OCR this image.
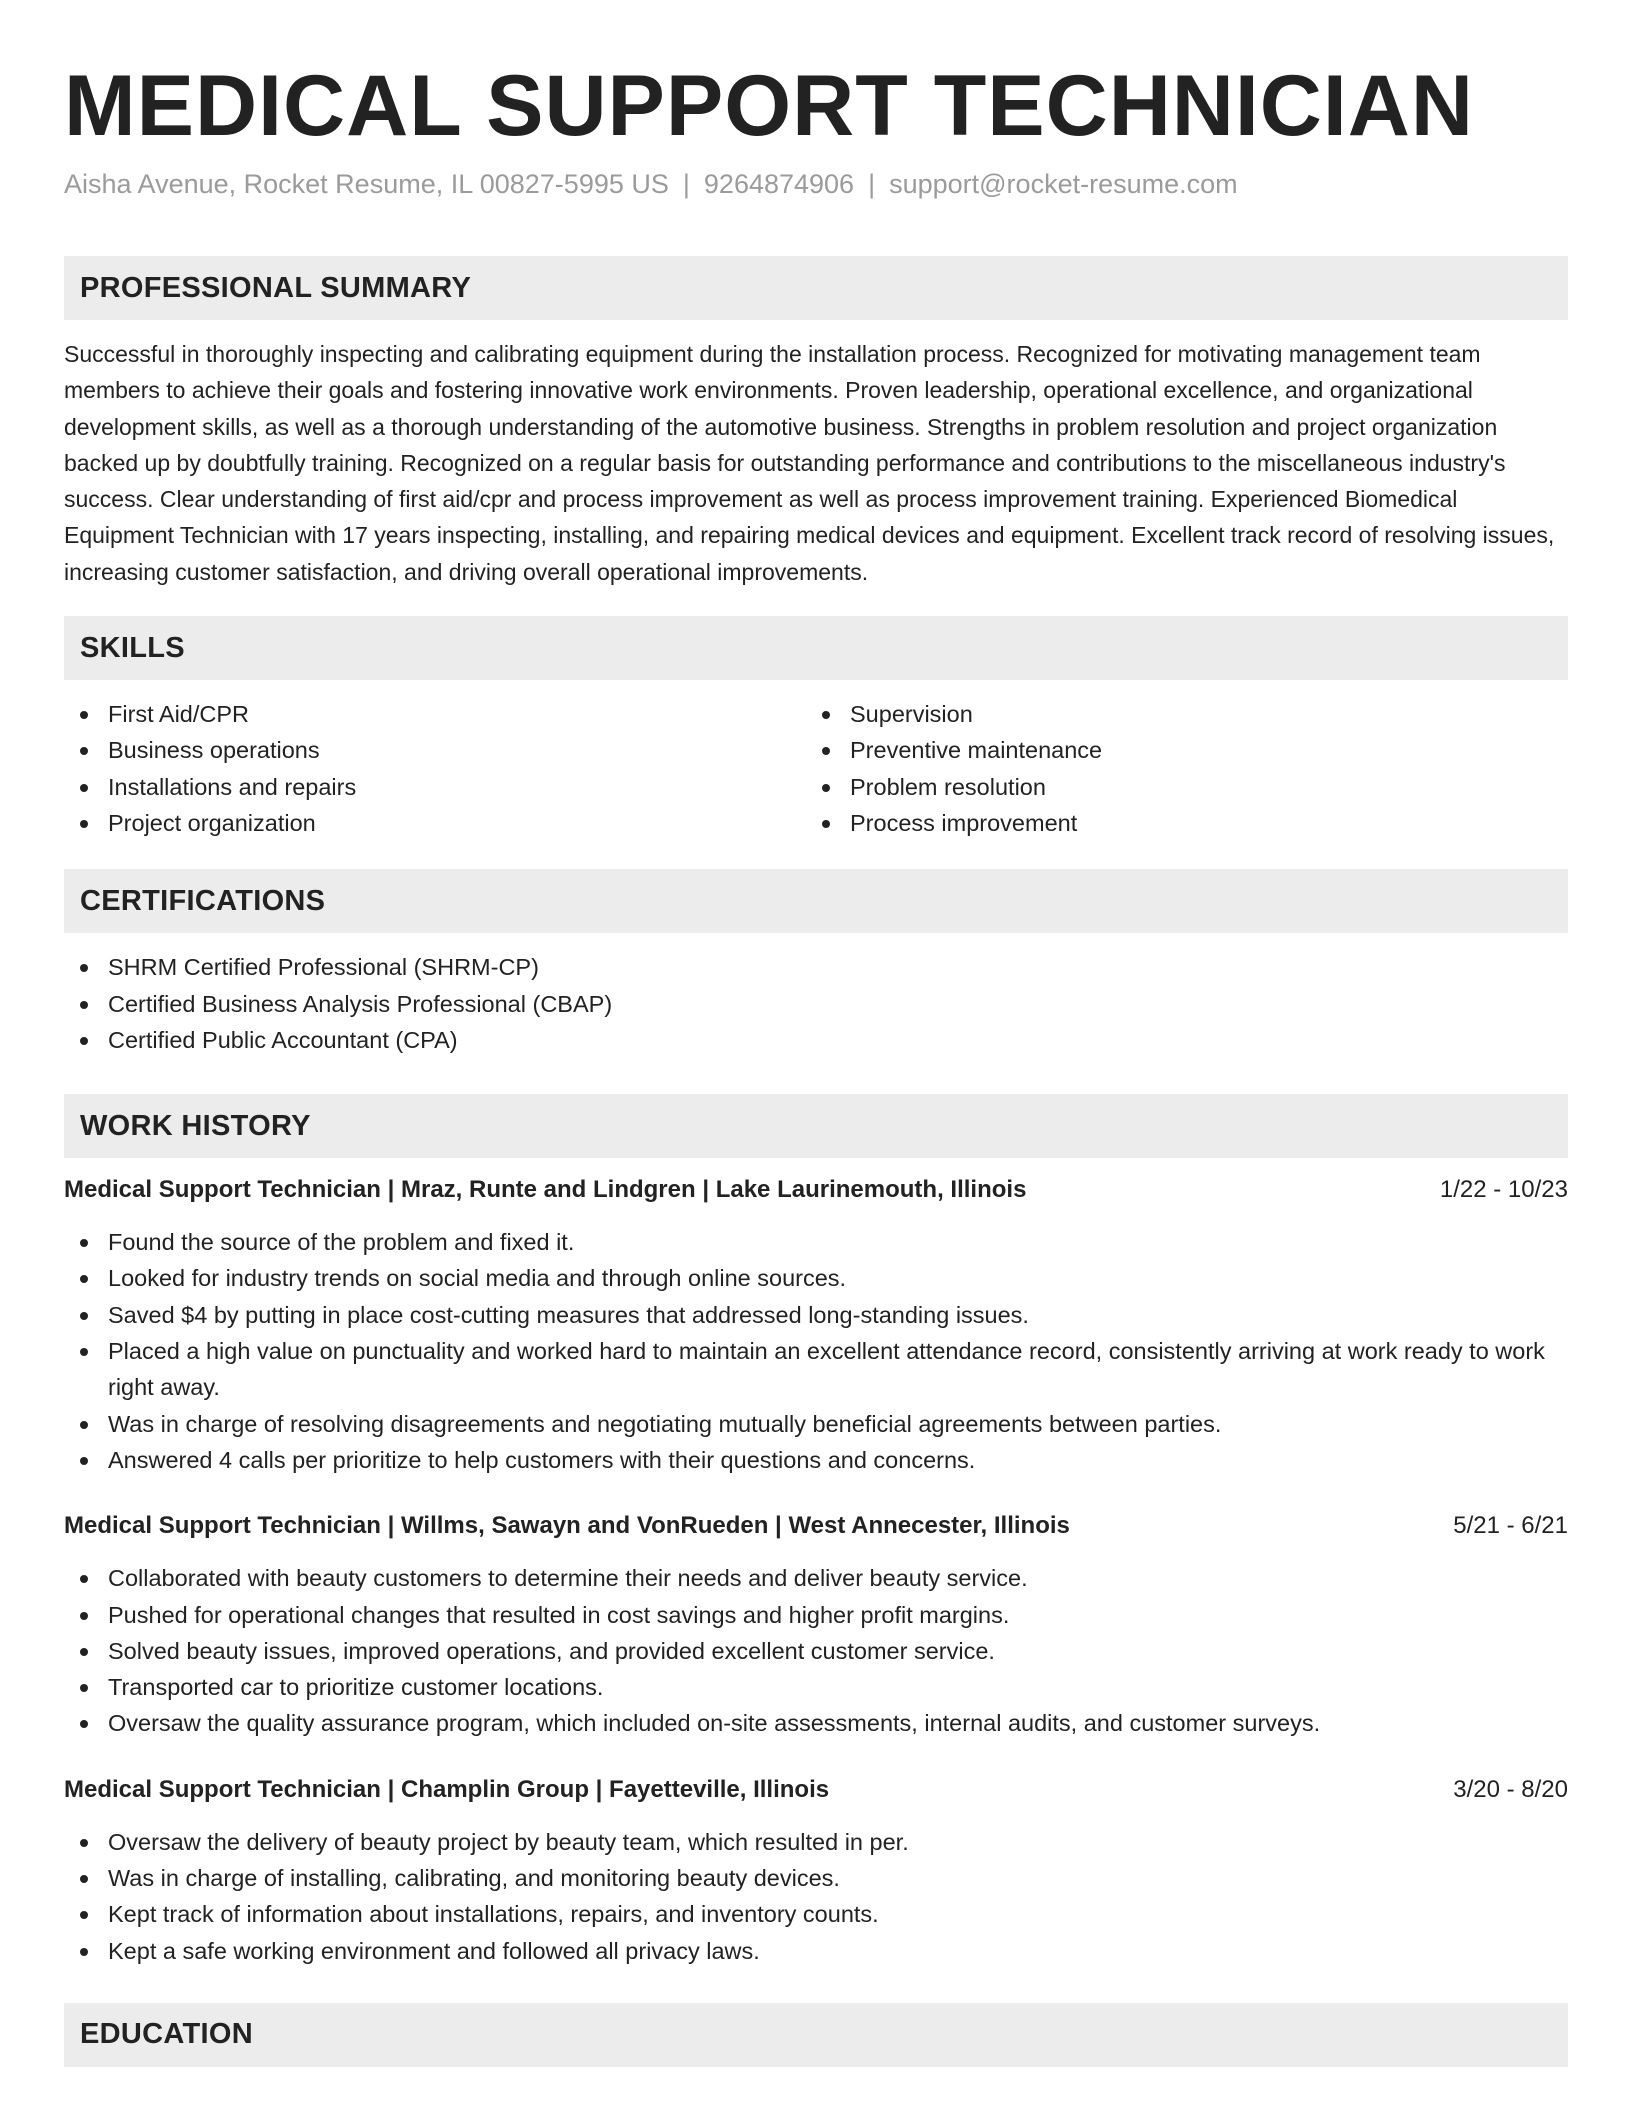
MEDICAL SUPPORT TECHNICIAN
Aisha Avenue, Rocket Resume, IL 00827-5995 US | 9264874906 | support@rocket-resume.com
PROFESSIONAL SUMMARY

Successful in thoroughly inspecting and calibrating equipment during the installation process. Recognized for motivating management team members to achieve their goals and fostering innovative work environments. Proven leadership, operational excellence, and organizational development skills, as well as a thorough understanding of the automotive business. Strengths in problem resolution and project organization backed up by doubtfully training. Recognized on a regular basis for outstanding performance and contributions to the miscellaneous industry's success. Clear understanding of first aid/cpr and process improvement as well as process improvement training. Experienced Biomedical Equipment Technician with 17 years inspecting, installing, and repairing medical devices and equipment. Excellent track record of resolving issues, increasing customer satisfaction, and driving overall operational improvements.

SKILLS
First Aid/CPR
Business operations
Installations and repairs
Project organization
Supervision
Preventive maintenance
Problem resolution
Process improvement
CERTIFICATIONS
SHRM Certified Professional (SHRM-CP)
Certified Business Analysis Professional (CBAP)
Certified Public Accountant (CPA)
WORK HISTORY
Medical Support Technician | Mraz, Runte and Lindgren | Lake Laurinemouth, Illinois	1/22 - 10/23
Found the source of the problem and fixed it.
Looked for industry trends on social media and through online sources.
Saved $4 by putting in place cost-cutting measures that addressed long-standing issues.
Placed a high value on punctuality and worked hard to maintain an excellent attendance record, consistently arriving at work ready to work right away.
Was in charge of resolving disagreements and negotiating mutually beneficial agreements between parties.
Answered 4 calls per prioritize to help customers with their questions and concerns.
Medical Support Technician | Willms, Sawayn and VonRueden | West Annecester, Illinois	5/21 - 6/21
Collaborated with beauty customers to determine their needs and deliver beauty service.
Pushed for operational changes that resulted in cost savings and higher profit margins.
Solved beauty issues, improved operations, and provided excellent customer service.
Transported car to prioritize customer locations.
Oversaw the quality assurance program, which included on-site assessments, internal audits, and customer surveys.
Medical Support Technician | Champlin Group | Fayetteville, Illinois	3/20 - 8/20
Oversaw the delivery of beauty project by beauty team, which resulted in per.
Was in charge of installing, calibrating, and monitoring beauty devices.
Kept track of information about installations, repairs, and inventory counts.
Kept a safe working environment and followed all privacy laws.
EDUCATION
